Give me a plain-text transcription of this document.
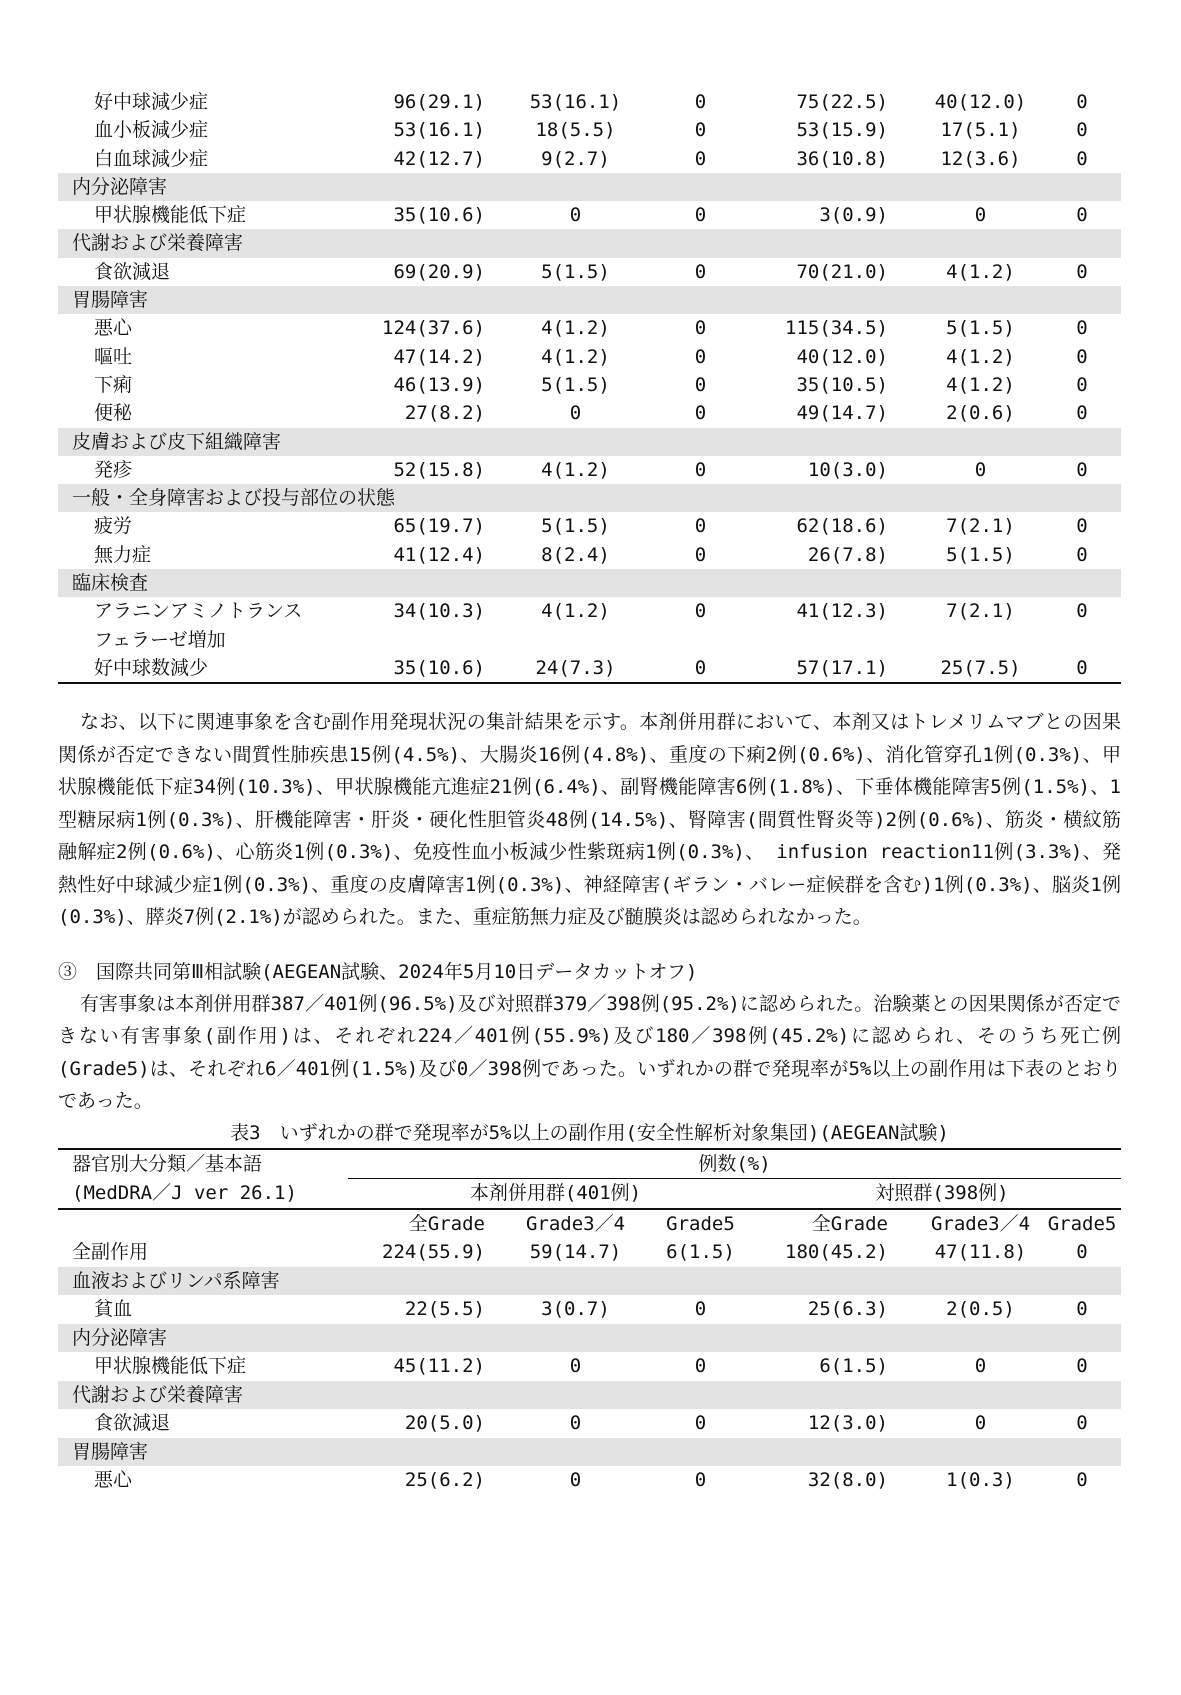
好中球減少症	96(29.1)	53(16.1)	0	75(22.5)	40(12.0)	0
血小板減少症	53(16.1)	18(5.5)	0	53(15.9)	17(5.1)	0
白血球減少症	42(12.7)	9(2.7)	0	36(10.8)	12(3.6)	0
内分泌障害						
甲状腺機能低下症	35(10.6)	0	0	3(0.9)	0	0
代謝および栄養障害						
食欲減退	69(20.9)	5(1.5)	0	70(21.0)	4(1.2)	0
胃腸障害						
悪心	124(37.6)	4(1.2)	0	115(34.5)	5(1.5)	0
嘔吐	47(14.2)	4(1.2)	0	40(12.0)	4(1.2)	0
下痢	46(13.9)	5(1.5)	0	35(10.5)	4(1.2)	0
便秘	27(8.2)	0	0	49(14.7)	2(0.6)	0
皮膚および皮下組織障害						
発疹	52(15.8)	4(1.2)	0	10(3.0)	0	0
一般・全身障害および投与部位の状態						
疲労	65(19.7)	5(1.5)	0	62(18.6)	7(2.1)	0
無力症	41(12.4)	8(2.4)	0	26(7.8)	5(1.5)	0
臨床検査						
アラニンアミノトランス	34(10.3)	4(1.2)	0	41(12.3)	7(2.1)	0
フェラーゼ増加						
好中球数減少	35(10.6)	24(7.3)	0	57(17.1)	25(7.5)	0

なお、以下に関連事象を含む副作用発現状況の集計結果を示す。本剤併用群において、本剤又はトレメリムマブとの因果関係が否定できない間質性肺疾患15例(4.5%)、大腸炎16例(4.8%)、重度の下痢2例(0.6%)、消化管穿孔1例(0.3%)、甲状腺機能低下症34例(10.3%)、甲状腺機能亢進症21例(6.4%)、副腎機能障害6例(1.8%)、下垂体機能障害5例(1.5%)、1型糖尿病1例(0.3%)、肝機能障害・肝炎・硬化性胆管炎48例(14.5%)、腎障害(間質性腎炎等)2例(0.6%)、筋炎・横紋筋融解症2例(0.6%)、心筋炎1例(0.3%)、免疫性血小板減少性紫斑病1例(0.3%)、 infusion reaction11例(3.3%)、発熱性好中球減少症1例(0.3%)、重度の皮膚障害1例(0.3%)、神経障害(ギラン・バレー症候群を含む)1例(0.3%)、脳炎1例(0.3%)、膵炎7例(2.1%)が認められた。また、重症筋無力症及び髄膜炎は認められなかった。

③　国際共同第Ⅲ相試験(AEGEAN試験、2024年5月10日データカットオフ)

有害事象は本剤併用群387／401例(96.5%)及び対照群379／398例(95.2%)に認められた。治験薬との因果関係が否定できない有害事象(副作用)は、それぞれ224／401例(55.9%)及び180／398例(45.2%)に認められ、そのうち死亡例(Grade5)は、それぞれ6／401例(1.5%)及び0／398例であった。いずれかの群で発現率が5%以上の副作用は下表のとおりであった。

表3　いずれかの群で発現率が5%以上の副作用(安全性解析対象集団)(AEGEAN試験)

器官別大分類／基本語	例数(%)					
(MedDRA／J ver 26.1)	本剤併用群(401例)			対照群(398例)		
	全Grade	Grade3／4	Grade5	全Grade	Grade3／4	Grade5
全副作用	224(55.9)	59(14.7)	6(1.5)	180(45.2)	47(11.8)	0
血液およびリンパ系障害						
貧血	22(5.5)	3(0.7)	0	25(6.3)	2(0.5)	0
内分泌障害						
甲状腺機能低下症	45(11.2)	0	0	6(1.5)	0	0
代謝および栄養障害						
食欲減退	20(5.0)	0	0	12(3.0)	0	0
胃腸障害						
悪心	25(6.2)	0	0	32(8.0)	1(0.3)	0
